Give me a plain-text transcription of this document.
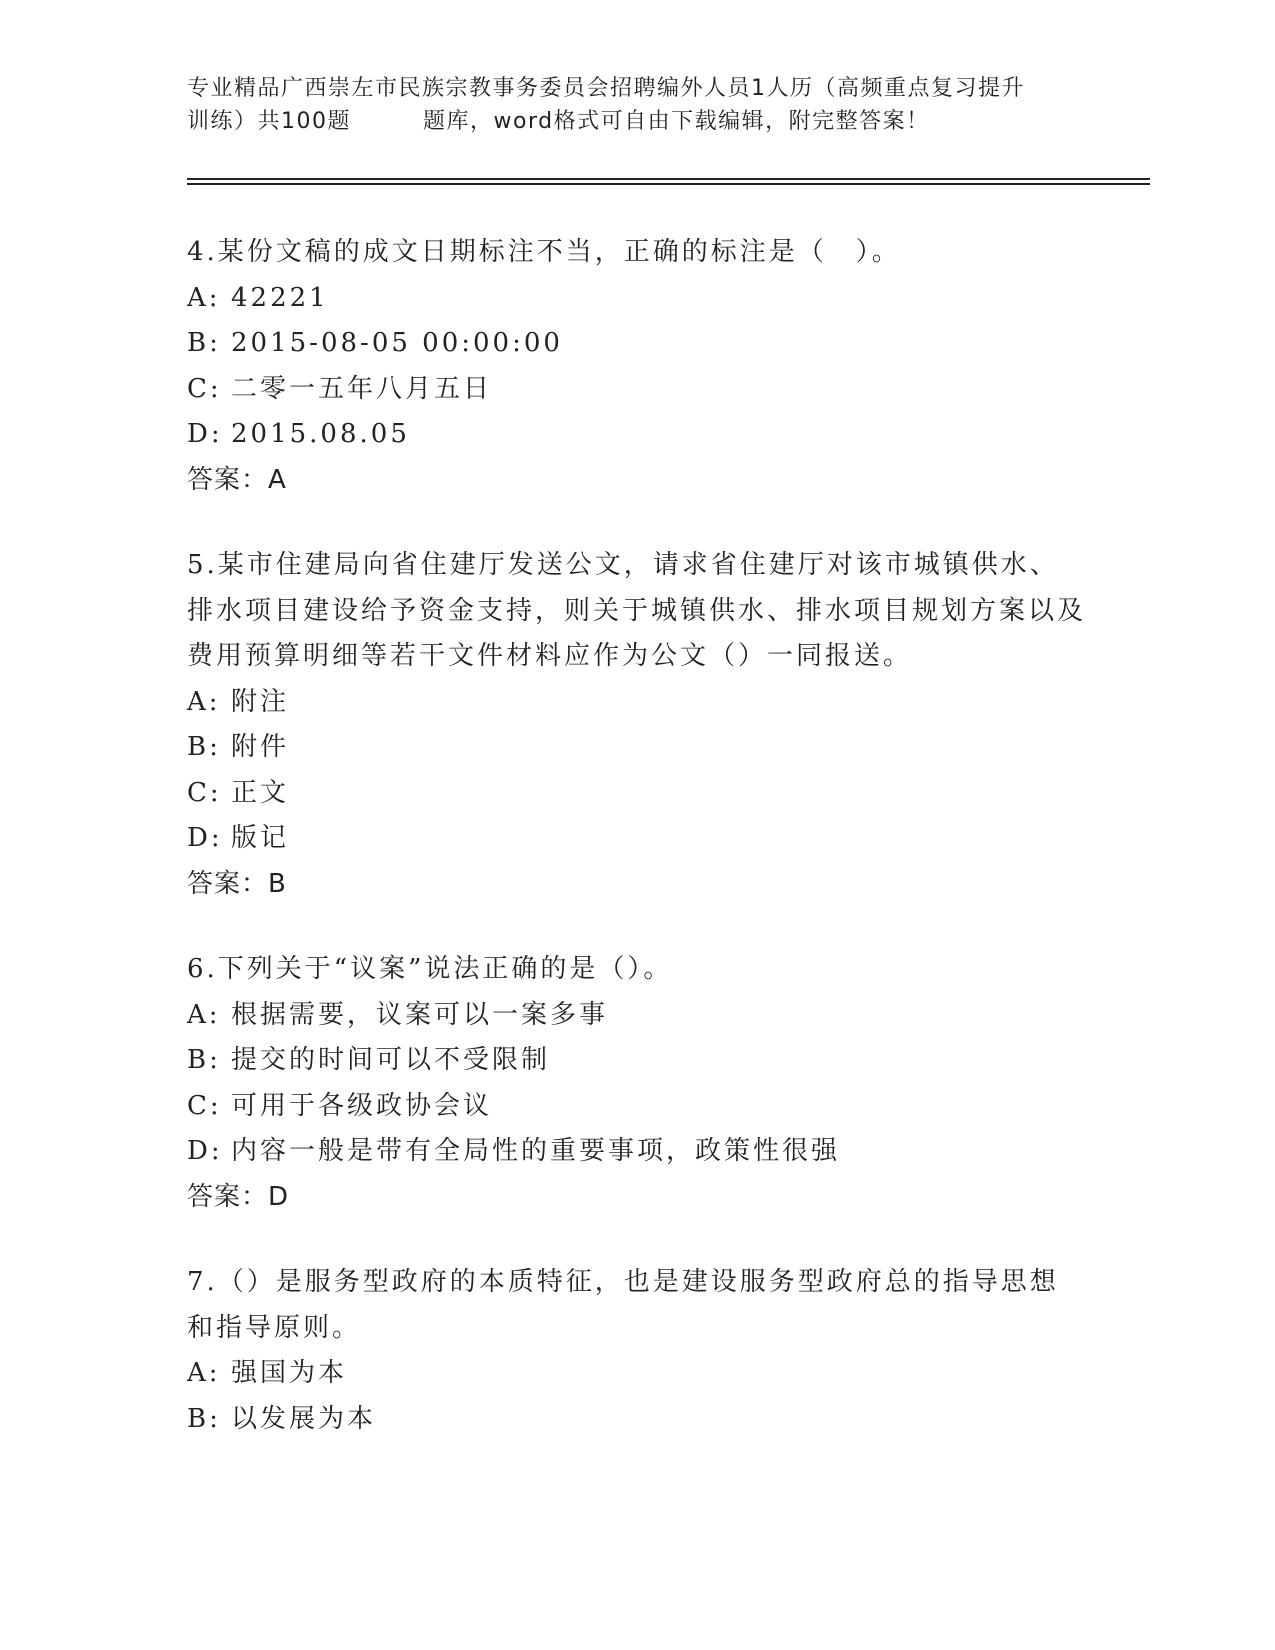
专业精品广西崇左市民族宗教事务委员会招聘编外人员1人历（高频重点复习提升
训练）共100题	题库，word格式可自由下载编辑，附完整答案！
4.某份文稿的成文日期标注不当，正确的标注是（　）。
A: 42221
B: 2015-08-05 00:00:00
C: 二零一五年八月五日
D: 2015.08.05
答案：A
5.某市住建局向省住建厅发送公文，请求省住建厅对该市城镇供水、排水项目建设给予资金支持，则关于城镇供水、排水项目规划方案以及费用预算明细等若干文件材料应作为公文（）一同报送。
A: 附注
B: 附件
C: 正文
D: 版记
答案：B
6.下列关于“议案”说法正确的是（）。
A: 根据需要，议案可以一案多事
B: 提交的时间可以不受限制
C: 可用于各级政协会议
D: 内容一般是带有全局性的重要事项，政策性很强
答案：D
7.（）是服务型政府的本质特征，也是建设服务型政府总的指导思想和指导原则。
A: 强国为本
B: 以发展为本
